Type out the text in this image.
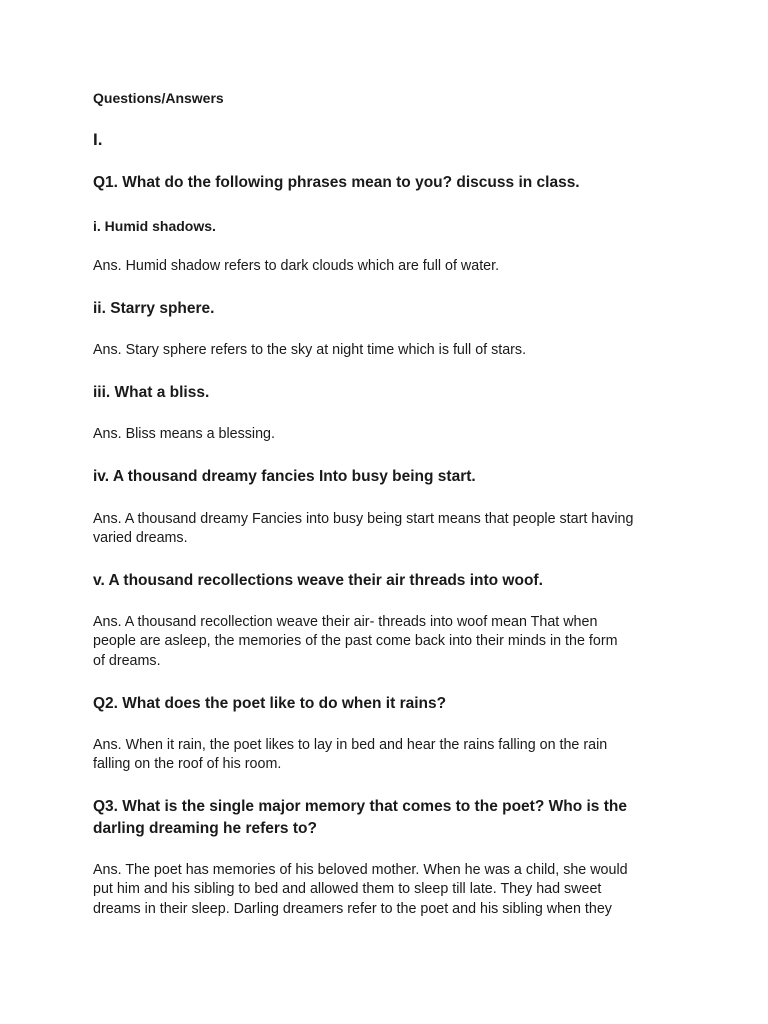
Questions/Answers

I.

Q1. What do the following phrases mean to you? discuss in class.

i. Humid shadows.

Ans. Humid shadow refers to dark clouds which are full of water.

ii. Starry sphere.

Ans. Stary sphere refers to the sky at night time which is full of stars.

iii. What a bliss.

Ans. Bliss means a blessing.

iv. A thousand dreamy fancies Into busy being start.

Ans. A thousand dreamy Fancies into busy being start means that people start having

varied dreams.

v. A thousand recollections weave their air threads into woof.

Ans. A thousand recollection weave their air- threads into woof mean That when

people are asleep, the memories of the past come back into their minds in the form

of dreams.

Q2. What does the poet like to do when it rains?

Ans. When it rain, the poet likes to lay in bed and hear the rains falling on the rain

falling on the roof of his room.

Q3. What is the single major memory that comes to the poet? Who is the

darling dreaming he refers to?

Ans. The poet has memories of his beloved mother. When he was a child, she would

put him and his sibling to bed and allowed them to sleep till late. They had sweet

dreams in their sleep. Darling dreamers refer to the poet and his sibling when they
